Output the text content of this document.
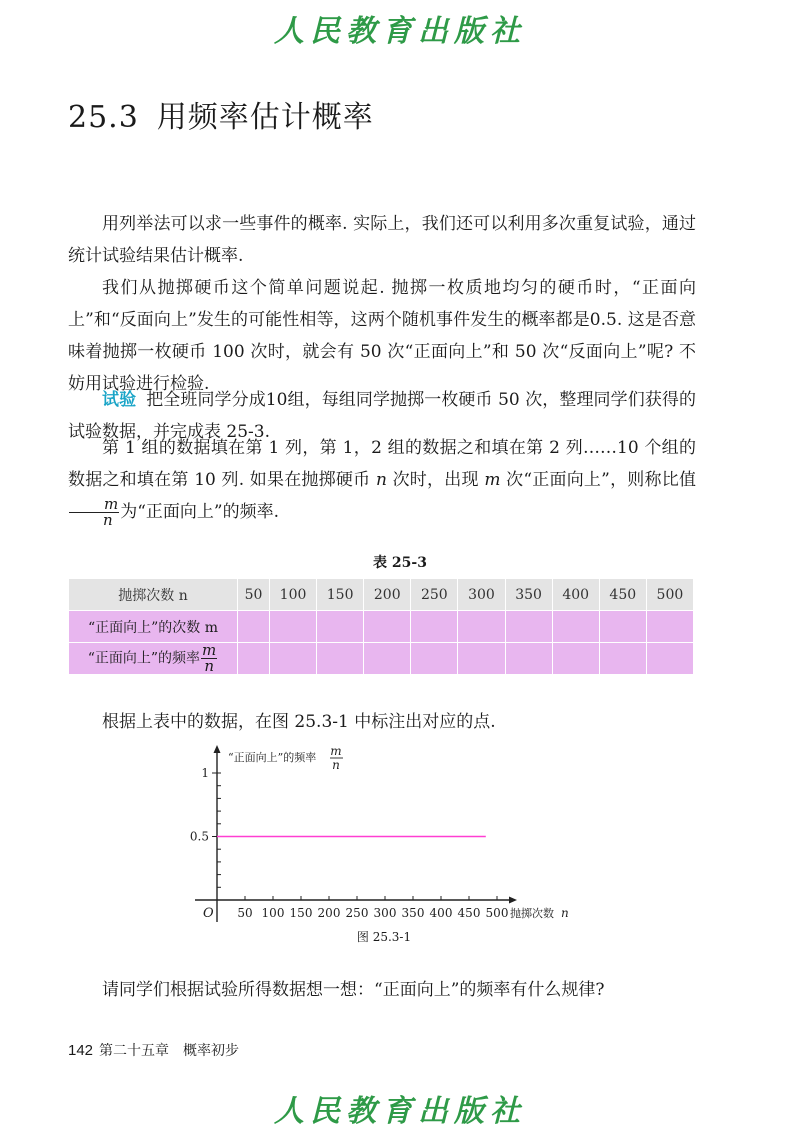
人民教育出版社
25.3 用频率估计概率

用列举法可以求一些事件的概率. 实际上，我们还可以利用多次重复试验，通过统计试验结果估计概率.

我们从抛掷硬币这个简单问题说起. 抛掷一枚质地均匀的硬币时，“正面向上”和“反面向上”发生的可能性相等，这两个随机事件发生的概率都是0.5. 这是否意味着抛掷一枚硬币 100 次时，就会有 50 次“正面向上”和 50 次“反面向上”呢? 不妨用试验进行检验.

试验 把全班同学分成10组，每组同学抛掷一枚硬币 50 次，整理同学们获得的试验数据，并完成表 25-3.

第 1 组的数据填在第 1 列，第 1，2 组的数据之和填在第 2 列……10 个组的数据之和填在第 10 列. 如果在抛掷硬币 n 次时，出现 m 次“正面向上”，则称比值
$\frac{m}{n}$ 为“正面向上”的频率.

表 25-3
抛掷次数 n	50	100	150	200	250	300	350	400	450	500
“正面向上”的次数 m										
“正面向上”的频率 $\frac{m}{n}$

根据上表中的数据，在图 25.3-1 中标注出对应的点.

0.5
1
50 100 150 200 250 300 350 400 450 500
“正面向上”的频率 m
n
抛掷次数 n
O
图 25.3-1

请同学们根据试验所得数据想一想：“正面向上”的频率有什么规律?

142 第二十五章 概率初步
人民教育出版社
